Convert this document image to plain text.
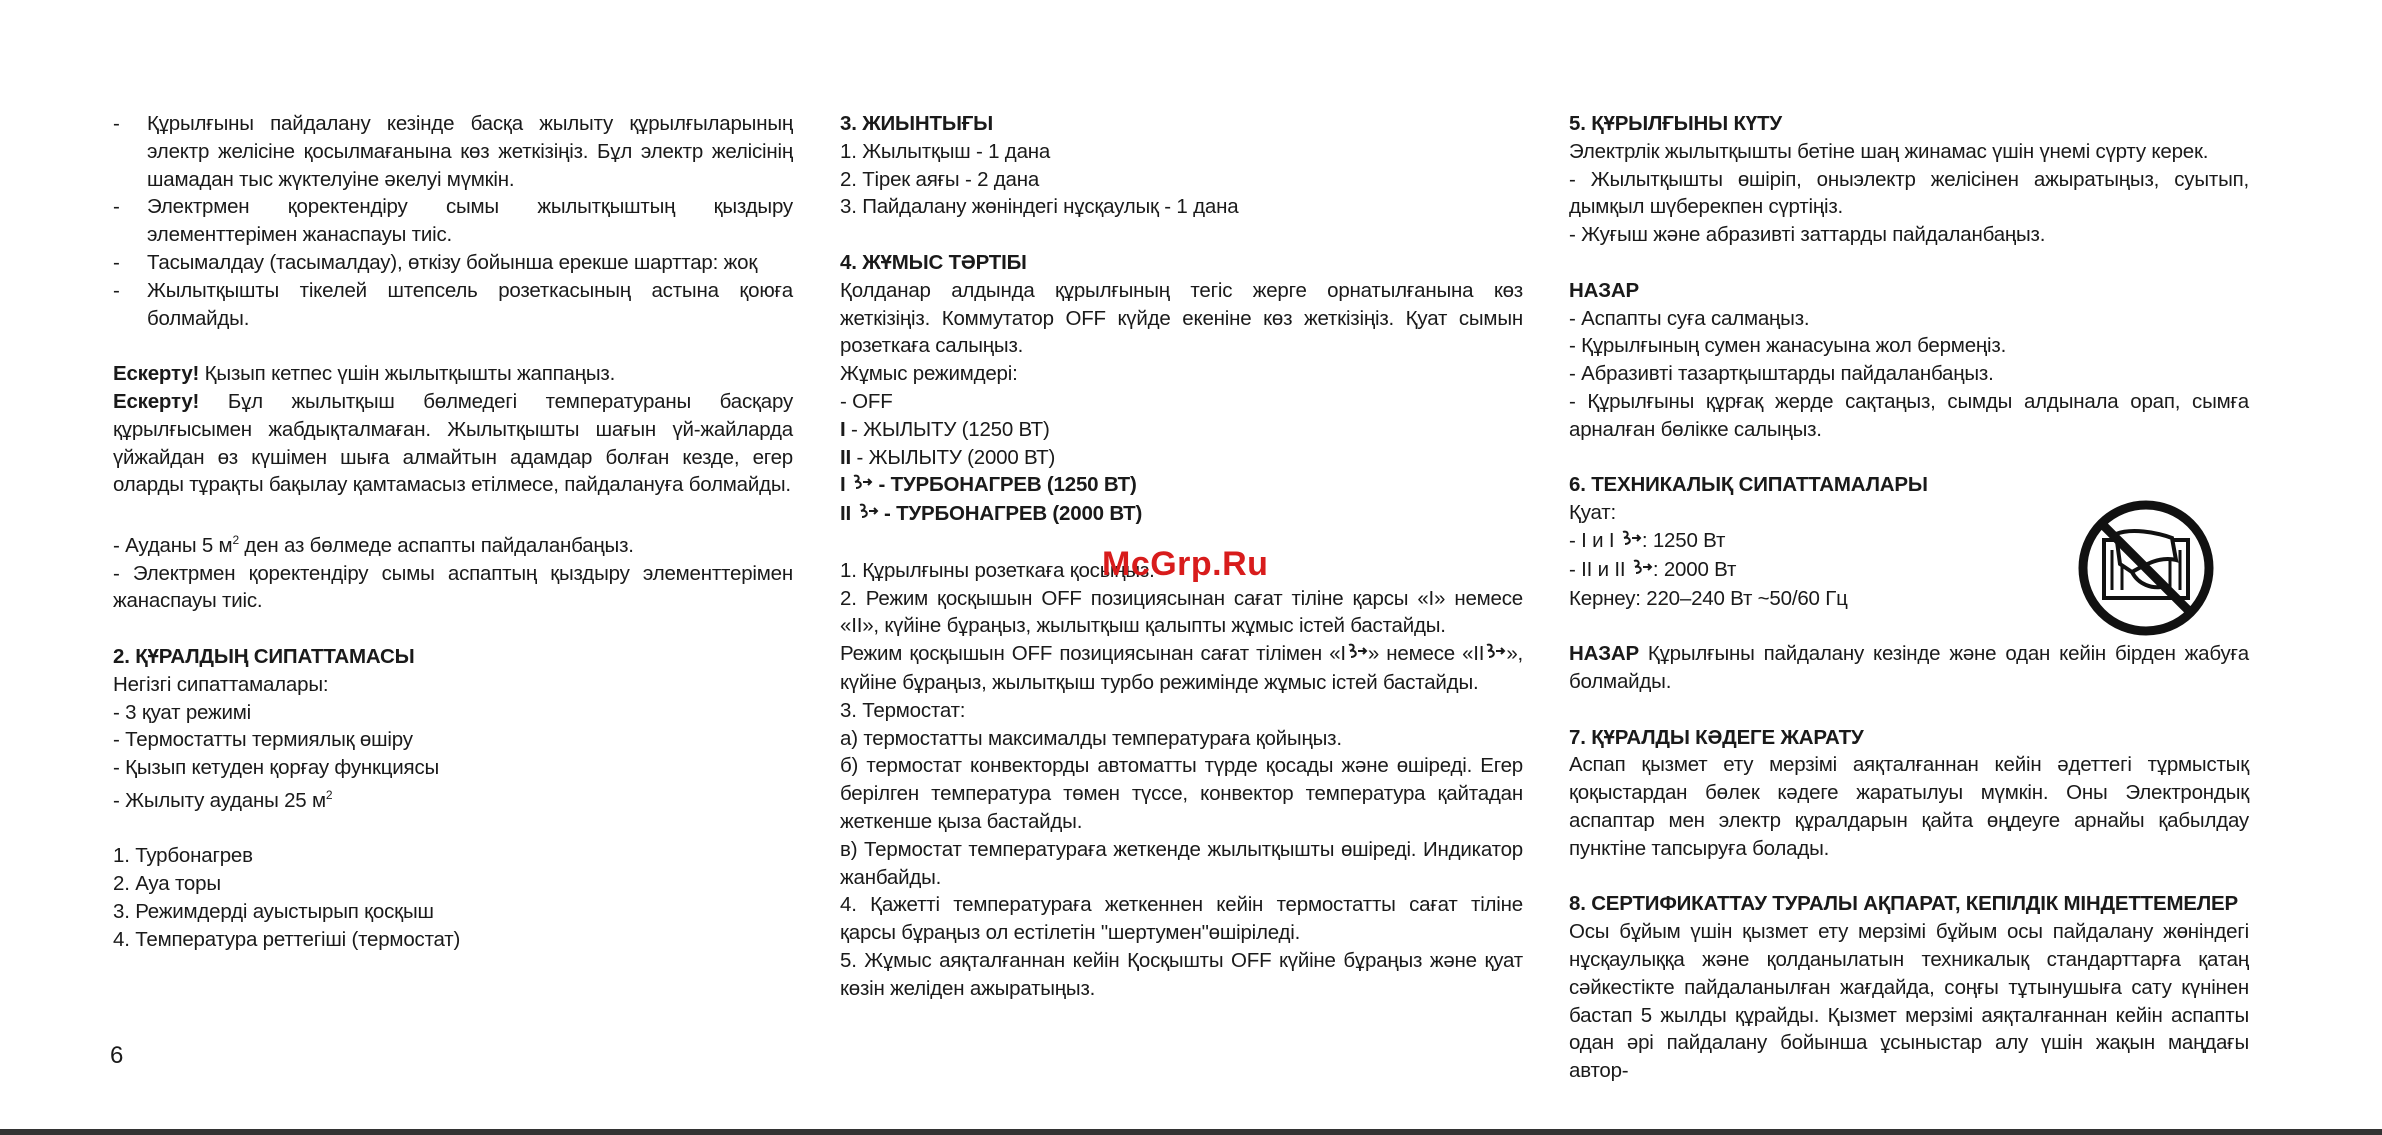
-	Құрылғыны пайдалану кезінде басқа жылыту құрылғыларының электр желісіне қосылмағанына көз жеткізіңіз. Бұл электр желісінің шамадан тыс жүктелуіне әкелуі мүмкін.
-	Электрмен қоректендіру сымы жылытқыштың қыздыру элементтерімен жанаспауы тиіс.
-	Тасымалдау (тасымалдау), өткізу бойынша ерекше шарттар: жоқ
-	Жылытқышты тікелей штепсель розеткасының астына қоюға болмайды.

Ескерту! Қызып кетпес үшін жылытқышты жаппаңыз.

Ескерту! Бұл жылытқыш бөлмедегі температураны басқару құрылғысымен жабдықталмаған. Жылытқышты шағын үй-жайларда үйжайдан өз күшімен шыға алмайтын адамдар болған кезде, егер оларды тұрақты бақылау қамтамасыз етілмесе, пайдалануға болмайды.

- Ауданы 5 $м^2$ ден аз бөлмеде аспапты пайдаланбаңыз.

- Электрмен қоректендіру сымы аспаптың қыздыру элементтерімен жанаспауы тиіс.

2. ҚҰРАЛДЫҢ СИПАТТАМАСЫ

Негізгі сипаттамалары:

- 3 қуат режимі

- Термостатты термиялық өшіру

- Қызып кетуден қорғау функциясы

- Жылыту ауданы 25 $м^2$

1. Турбонагрев

2. Ауа торы

3. Режимдерді ауыстырып қосқыш

4. Температура реттегіші (термостат)

3. ЖИЫНТЫҒЫ

1. Жылытқыш - 1 дана

2. Тірек аяғы - 2 дана

3. Пайдалану жөніндегі нұсқаулық - 1 дана

4. ЖҰМЫС ТӘРТІБІ

Қолданар алдында құрылғының тегіс жерге орнатылғанына көз жеткізіңіз. Коммутатор OFF күйде екеніне көз жеткізіңіз. Қуат сымын розеткаға салыңыз.

Жұмыс режимдері:

- OFF

I - ЖЫЛЫТУ (1250 ВТ)

II - ЖЫЛЫТУ (2000 ВТ)

I  - ТУРБОНАГРЕВ (1250 ВТ)

II  - ТУРБОНАГРЕВ (2000 ВТ)

1. Құрылғыны розеткаға қосыңыз.

2. Режим қосқышын OFF позициясынан сағат тіліне қарсы «I» немесе «II», күйіне бұраңыз, жылытқыш қалыпты жұмыс істей бастайды.

Режим қосқышын OFF позициясынан сағат тілімен «I » немесе «II », күйіне бұраңыз, жылытқыш турбо режимінде жұмыс істей бастайды.

3. Термостат:

а) термостатты максималды температураға қойыңыз.

б) термостат конвекторды автоматты түрде қосады және өшіреді. Егер берілген температура төмен түссе, конвектор температура қайтадан жеткенше қыза бастайды.

в) Термостат температураға жеткенде жылытқышты өшіреді. Индикатор жанбайды.

4. Қажетті температураға жеткеннен кейін термостатты сағат тіліне қарсы бұраңыз ол естілетін "шертумен"өшіріледі.

5. Жұмыс аяқталғаннан кейін Қосқышты OFF күйіне бұраңыз және қуат көзін желіден ажыратыңыз.

5. ҚҰРЫЛҒЫНЫ КҮТУ

Электрлік жылытқышты бетіне шаң жинамас үшін үнемі сүрту керек.

- Жылытқышты өшіріп, оныэлектр желісінен ажыратыңыз, суытып, дымқыл шүберекпен сүртіңіз.

- Жуғыш және абразивті заттарды пайдаланбаңыз.

НАЗАР

- Аспапты суға салмаңыз.

- Құрылғының сумен жанасуына жол бермеңіз.

- Абразивті тазартқыштарды пайдаланбаңыз.

- Құрылғыны құрғақ жерде сақтаңыз, сымды алдынала орап, сымға арналған бөлікке салыңыз.

6. ТЕХНИКАЛЫҚ СИПАТТАМАЛАРЫ

Қуат:

- I и I : 1250 Вт

- II и II : 2000 Вт

Кернеу: 220–240 Вт ~50/60 Гц

НАЗАР Құрылғыны пайдалану кезінде және одан кейін бірден жабуға болмайды.

7. ҚҰРАЛДЫ КӘДЕГЕ ЖАРАТУ

Аспап қызмет ету мерзімі аяқталғаннан кейін әдеттегі тұрмыстық қоқыстардан бөлек кәдеге жаратылуы мүмкін. Оны Электрондық аспаптар мен электр құралдарын қайта өңдеуге арнайы қабылдау пунктіне тапсыруға болады.

8. СЕРТИФИКАТТАУ ТУРАЛЫ АҚПАРАТ, КЕПІЛДІК МІНДЕТТЕМЕЛЕР

Осы бұйым үшін қызмет ету мерзімі бұйым осы пайдалану жөніндегі нұсқаулыққа және қолданылатын техникалық стандарттарға қатаң сәйкестікте пайдаланылған жағдайда, соңғы тұтынушыға сату күнінен бастап 5 жылды құрайды. Қызмет мерзімі аяқталғаннан кейін аспапты одан әрі пайдалану бойынша ұсыныстар алу үшін жақын маңдағы автор-

McGrp.Ru
6
